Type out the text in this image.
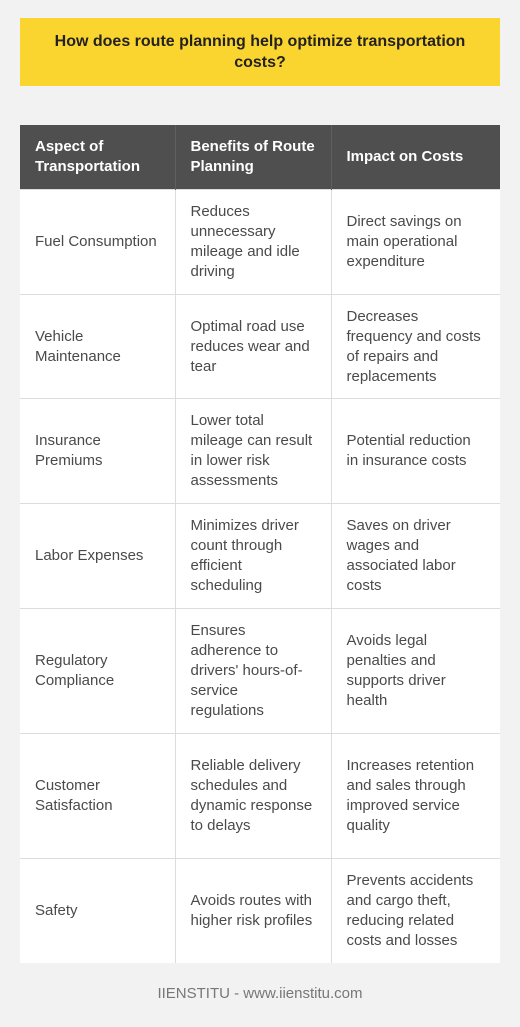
How does route planning help optimize transportation costs?
Aspect of Transportation	Benefits of Route Planning	Impact on Costs
Fuel Consumption	Reduces unnecessary mileage and idle driving	Direct savings on main operational expenditure
Vehicle Maintenance	Optimal road use reduces wear and tear	Decreases frequency and costs of repairs and replacements
Insurance Premiums	Lower total mileage can result in lower risk assessments	Potential reduction in insurance costs
Labor Expenses	Minimizes driver count through efficient scheduling	Saves on driver wages and associated labor costs
Regulatory Compliance	Ensures adherence to drivers' hours-of-service regulations	Avoids legal penalties and supports driver health
Customer Satisfaction	Reliable delivery schedules and dynamic response to delays	Increases retention and sales through improved service quality
Safety	Avoids routes with higher risk profiles	Prevents accidents and cargo theft, reducing related costs and losses
IIENSTITU - www.iienstitu.com
